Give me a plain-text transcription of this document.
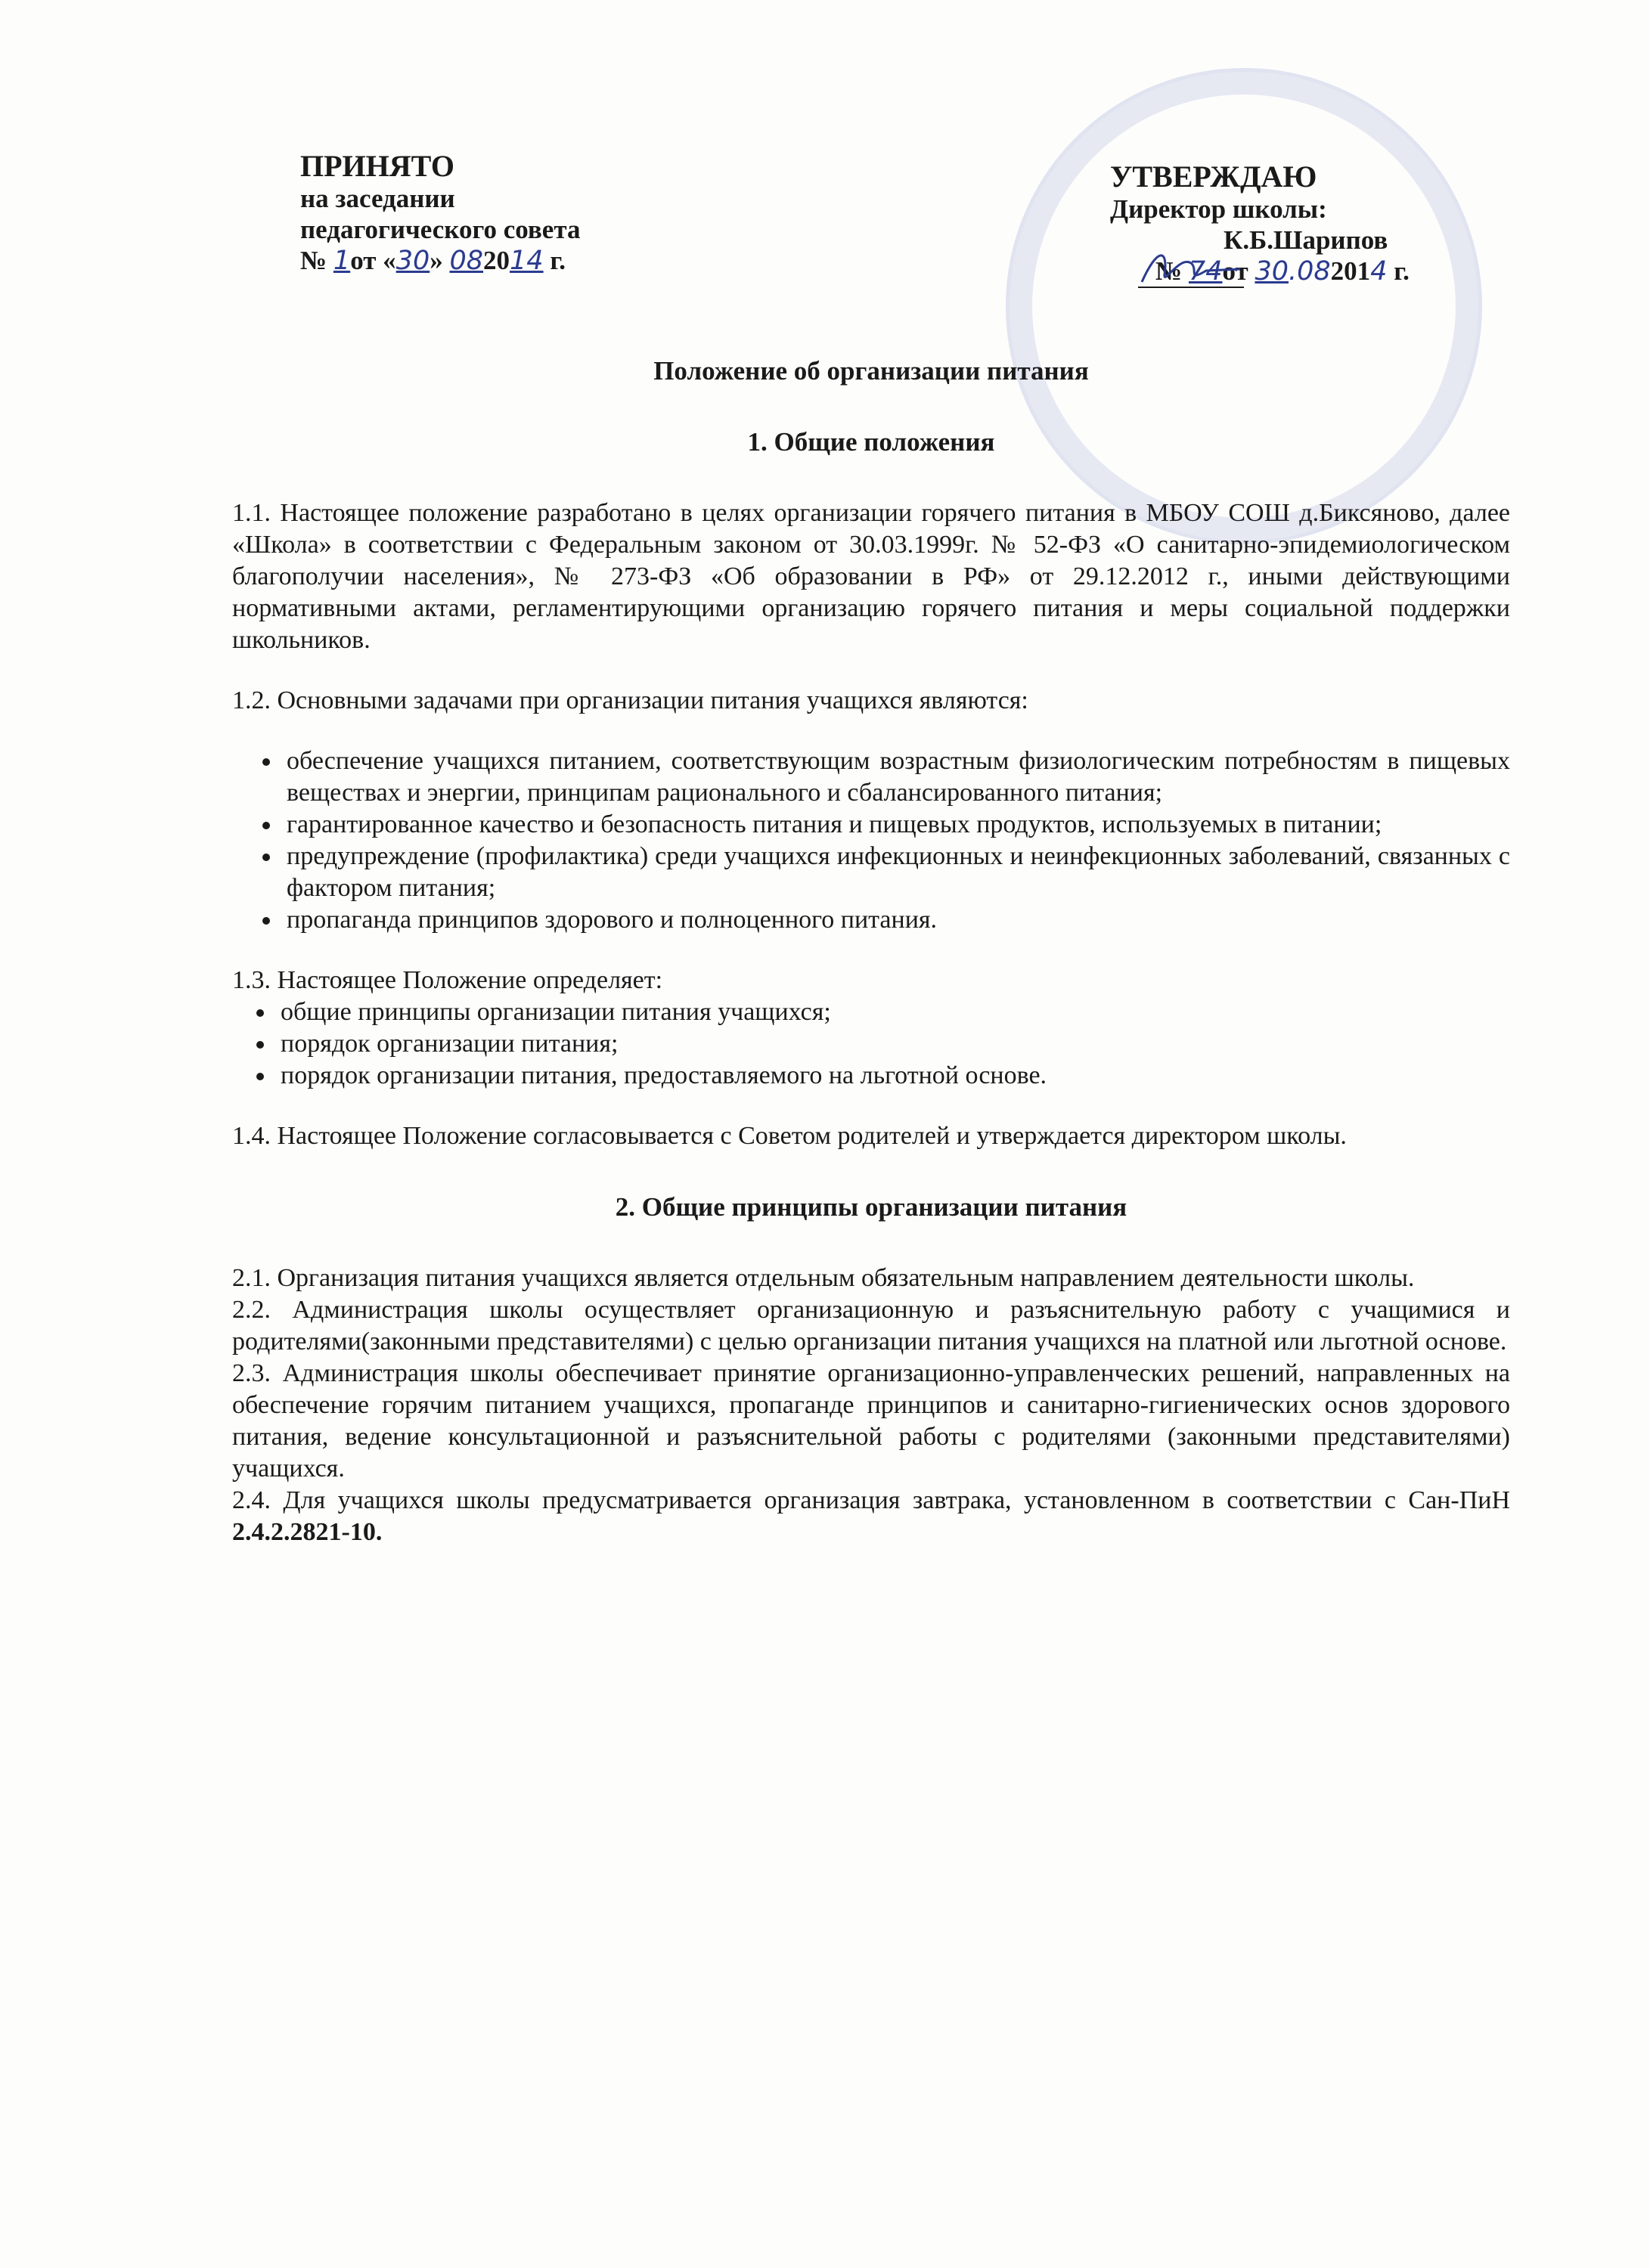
ПРИНЯТО
на заседании
педагогического совета
№ 1от «30» 082014 г.
УТВЕРЖДАЮ
Директор школы:
К.Б.Шарипов
№ 74от 30.082014 г.
Положение об организации питания
1. Общие положения
1.1. Настоящее положение разработано в целях организации горячего питания в МБОУ СОШ д.Биксяново, далее «Школа» в соответствии с Федеральным законом от 30.03.1999г. № 52-ФЗ «О санитарно-эпидемиологическом благополучии населения», № 273-ФЗ «Об образовании в РФ» от 29.12.2012 г., иными действующими нормативными актами, регламентирующими организацию горячего питания и меры социальной поддержки школьников.
1.2. Основными задачами при организации питания учащихся являются:
• обеспечение учащихся питанием, соответствующим возрастным физиологическим потребностям в пищевых веществах и энергии, принципам рационального и сбалансированного питания;
• гарантированное качество и безопасность питания и пищевых продуктов, используемых в питании;
• предупреждение (профилактика) среди учащихся инфекционных и неинфекционных заболеваний, связанных с фактором питания;
• пропаганда принципов здорового и полноценного питания.
1.3. Настоящее Положение определяет:
• общие принципы организации питания учащихся;
• порядок организации питания;
• порядок организации питания, предоставляемого на льготной основе.
1.4. Настоящее Положение согласовывается с Советом родителей и утверждается директором школы.
2. Общие принципы организации питания
2.1. Организация питания учащихся является отдельным обязательным направлением деятельности школы.
2.2. Администрация школы осуществляет организационную и разъяснительную работу с учащимися и родителями(законными представителями) с целью организации питания учащихся на платной или льготной основе.
2.3. Администрация школы обеспечивает принятие организационно-управленческих решений, направленных на обеспечение горячим питанием учащихся, пропаганде принципов и санитарно-гигиенических основ здорового питания, ведение консультационной и разъяснительной работы с родителями (законными представителями) учащихся.
2.4. Для учащихся школы предусматривается организация завтрака, установленном в соответствии с Сан-ПиН 2.4.2.2821-10.
